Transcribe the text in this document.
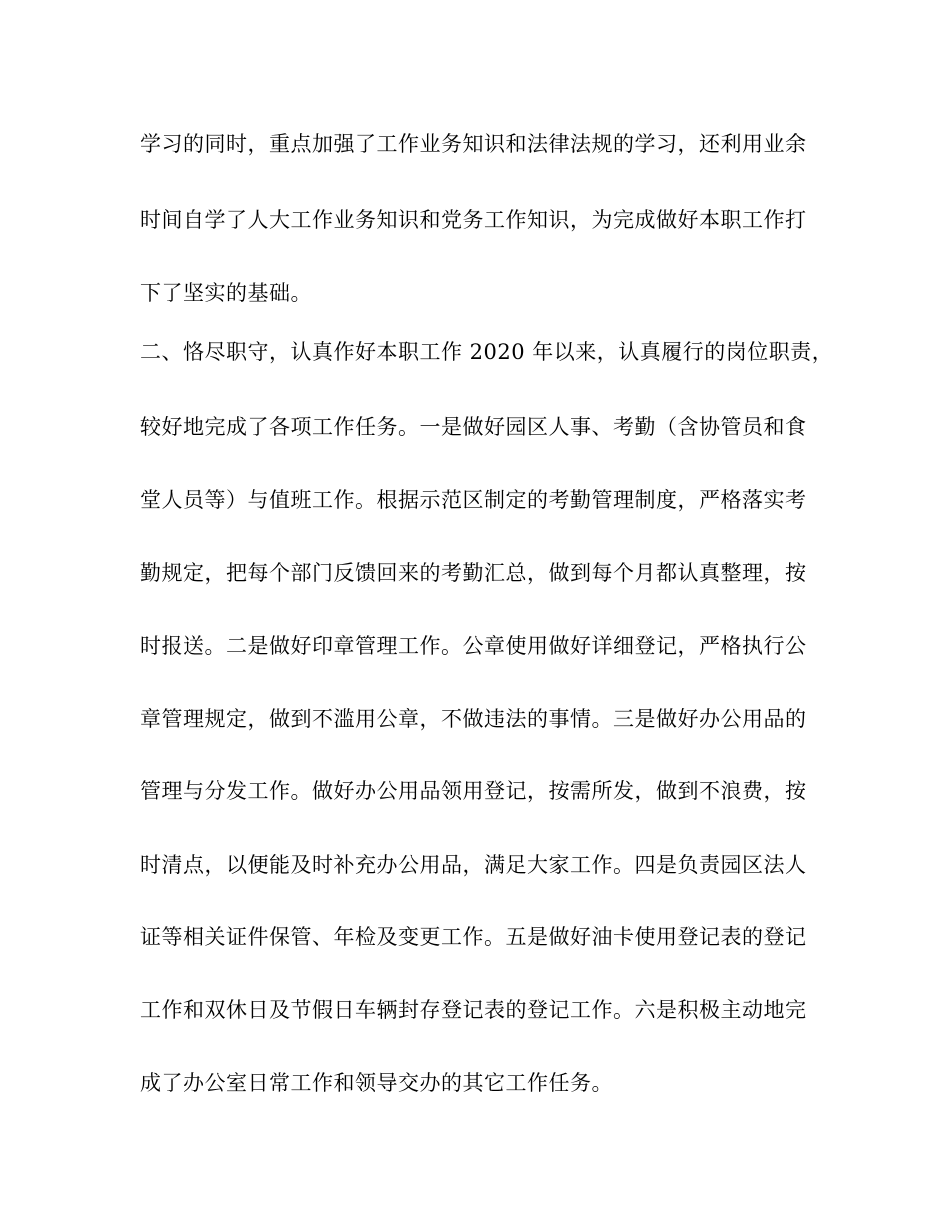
学习的同时，重点加强了工作业务知识和法律法规的学习，还利用业余
时间自学了人大工作业务知识和党务工作知识，为完成做好本职工作打
下了坚实的基础。
二、恪尽职守，认真作好本职工作 2020 年以来，认真履行的岗位职责，
较好地完成了各项工作任务。一是做好园区人事、考勤（含协管员和食
堂人员等）与值班工作。根据示范区制定的考勤管理制度，严格落实考
勤规定，把每个部门反馈回来的考勤汇总，做到每个月都认真整理，按
时报送。二是做好印章管理工作。公章使用做好详细登记，严格执行公
章管理规定，做到不滥用公章，不做违法的事情。三是做好办公用品的
管理与分发工作。做好办公用品领用登记，按需所发，做到不浪费，按
时清点，以便能及时补充办公用品，满足大家工作。四是负责园区法人
证等相关证件保管、年检及变更工作。五是做好油卡使用登记表的登记
工作和双休日及节假日车辆封存登记表的登记工作。六是积极主动地完
成了办公室日常工作和领导交办的其它工作任务。
